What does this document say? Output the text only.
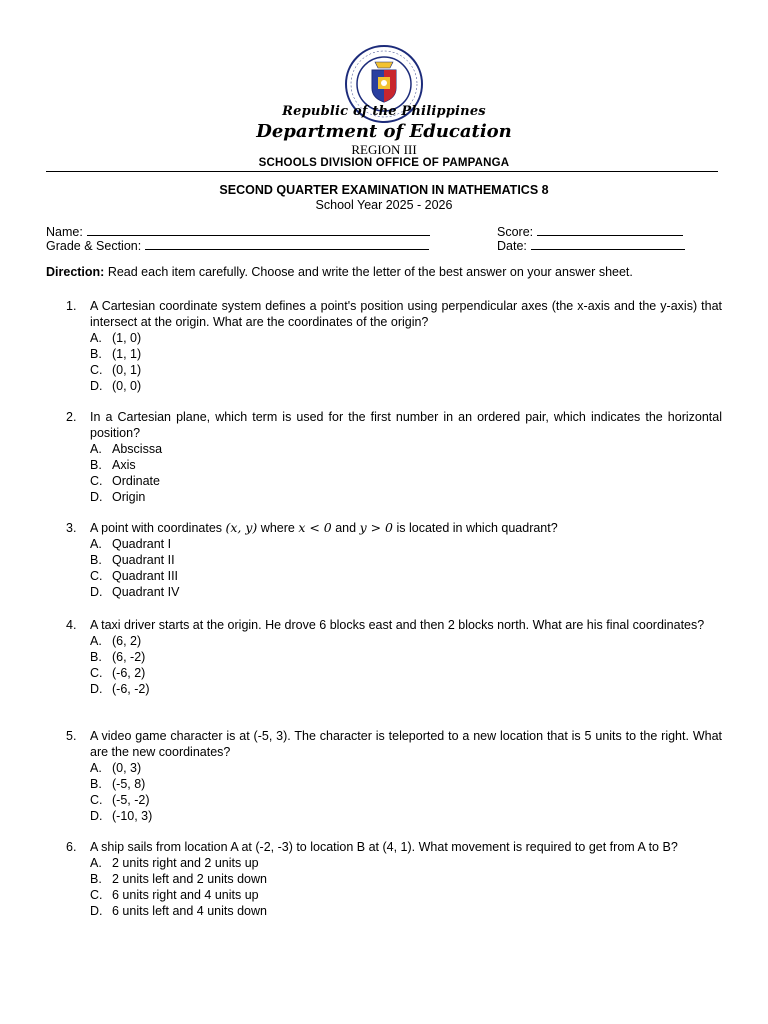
Republic of the Philippines
Department of Education
REGION III
SCHOOLS DIVISION OF​FICE OF PAMPANGA
SECOND QUARTER EXAMINATION IN MATHEMATICS 8
School Year 2025 - 2026
Name:
Grade & Section:
Score:
Date:
Direction: Read each item carefully. Choose and write the letter of the best answer on your answer sheet.
1. A Cartesian coordinate system defines a point's position using perpendicular axes (the x-axis and the y-axis) that intersect at the origin. What are the coordinates of the origin?
A. (1, 0)
B. (1, 1)
C. (0, 1)
D. (0, 0)
2. In a Cartesian plane, which term is used for the first number in an ordered pair, which indicates the horizontal position?
A. Abscissa
B. Axis
C. Ordinate
D. Origin
3. A point with coordinates (x, y) where x < 0 and y > 0 is located in which quadrant?
A. Quadrant I
B. Quadrant II
C. Quadrant III
D. Quadrant IV
4. A taxi driver starts at the origin. He drove 6 blocks east and then 2 blocks north. What are his final coordinates?
A. (6, 2)
B. (6, -2)
C. (-6, 2)
D. (-6, -2)
5. A video game character is at (-5, 3). The character is teleported to a new location that is 5 units to the right. What are the new coordinates?
A. (0, 3)
B. (-5, 8)
C. (-5, -2)
D. (-10, 3)
6. A ship sails from location A at (-2, -3) to location B at (4, 1). What movement is required to get from A to B?
A. 2 units right and 2 units up
B. 2 units left and 2 units down
C. 6 units right and 4 units up
D. 6 units left and 4 units down
